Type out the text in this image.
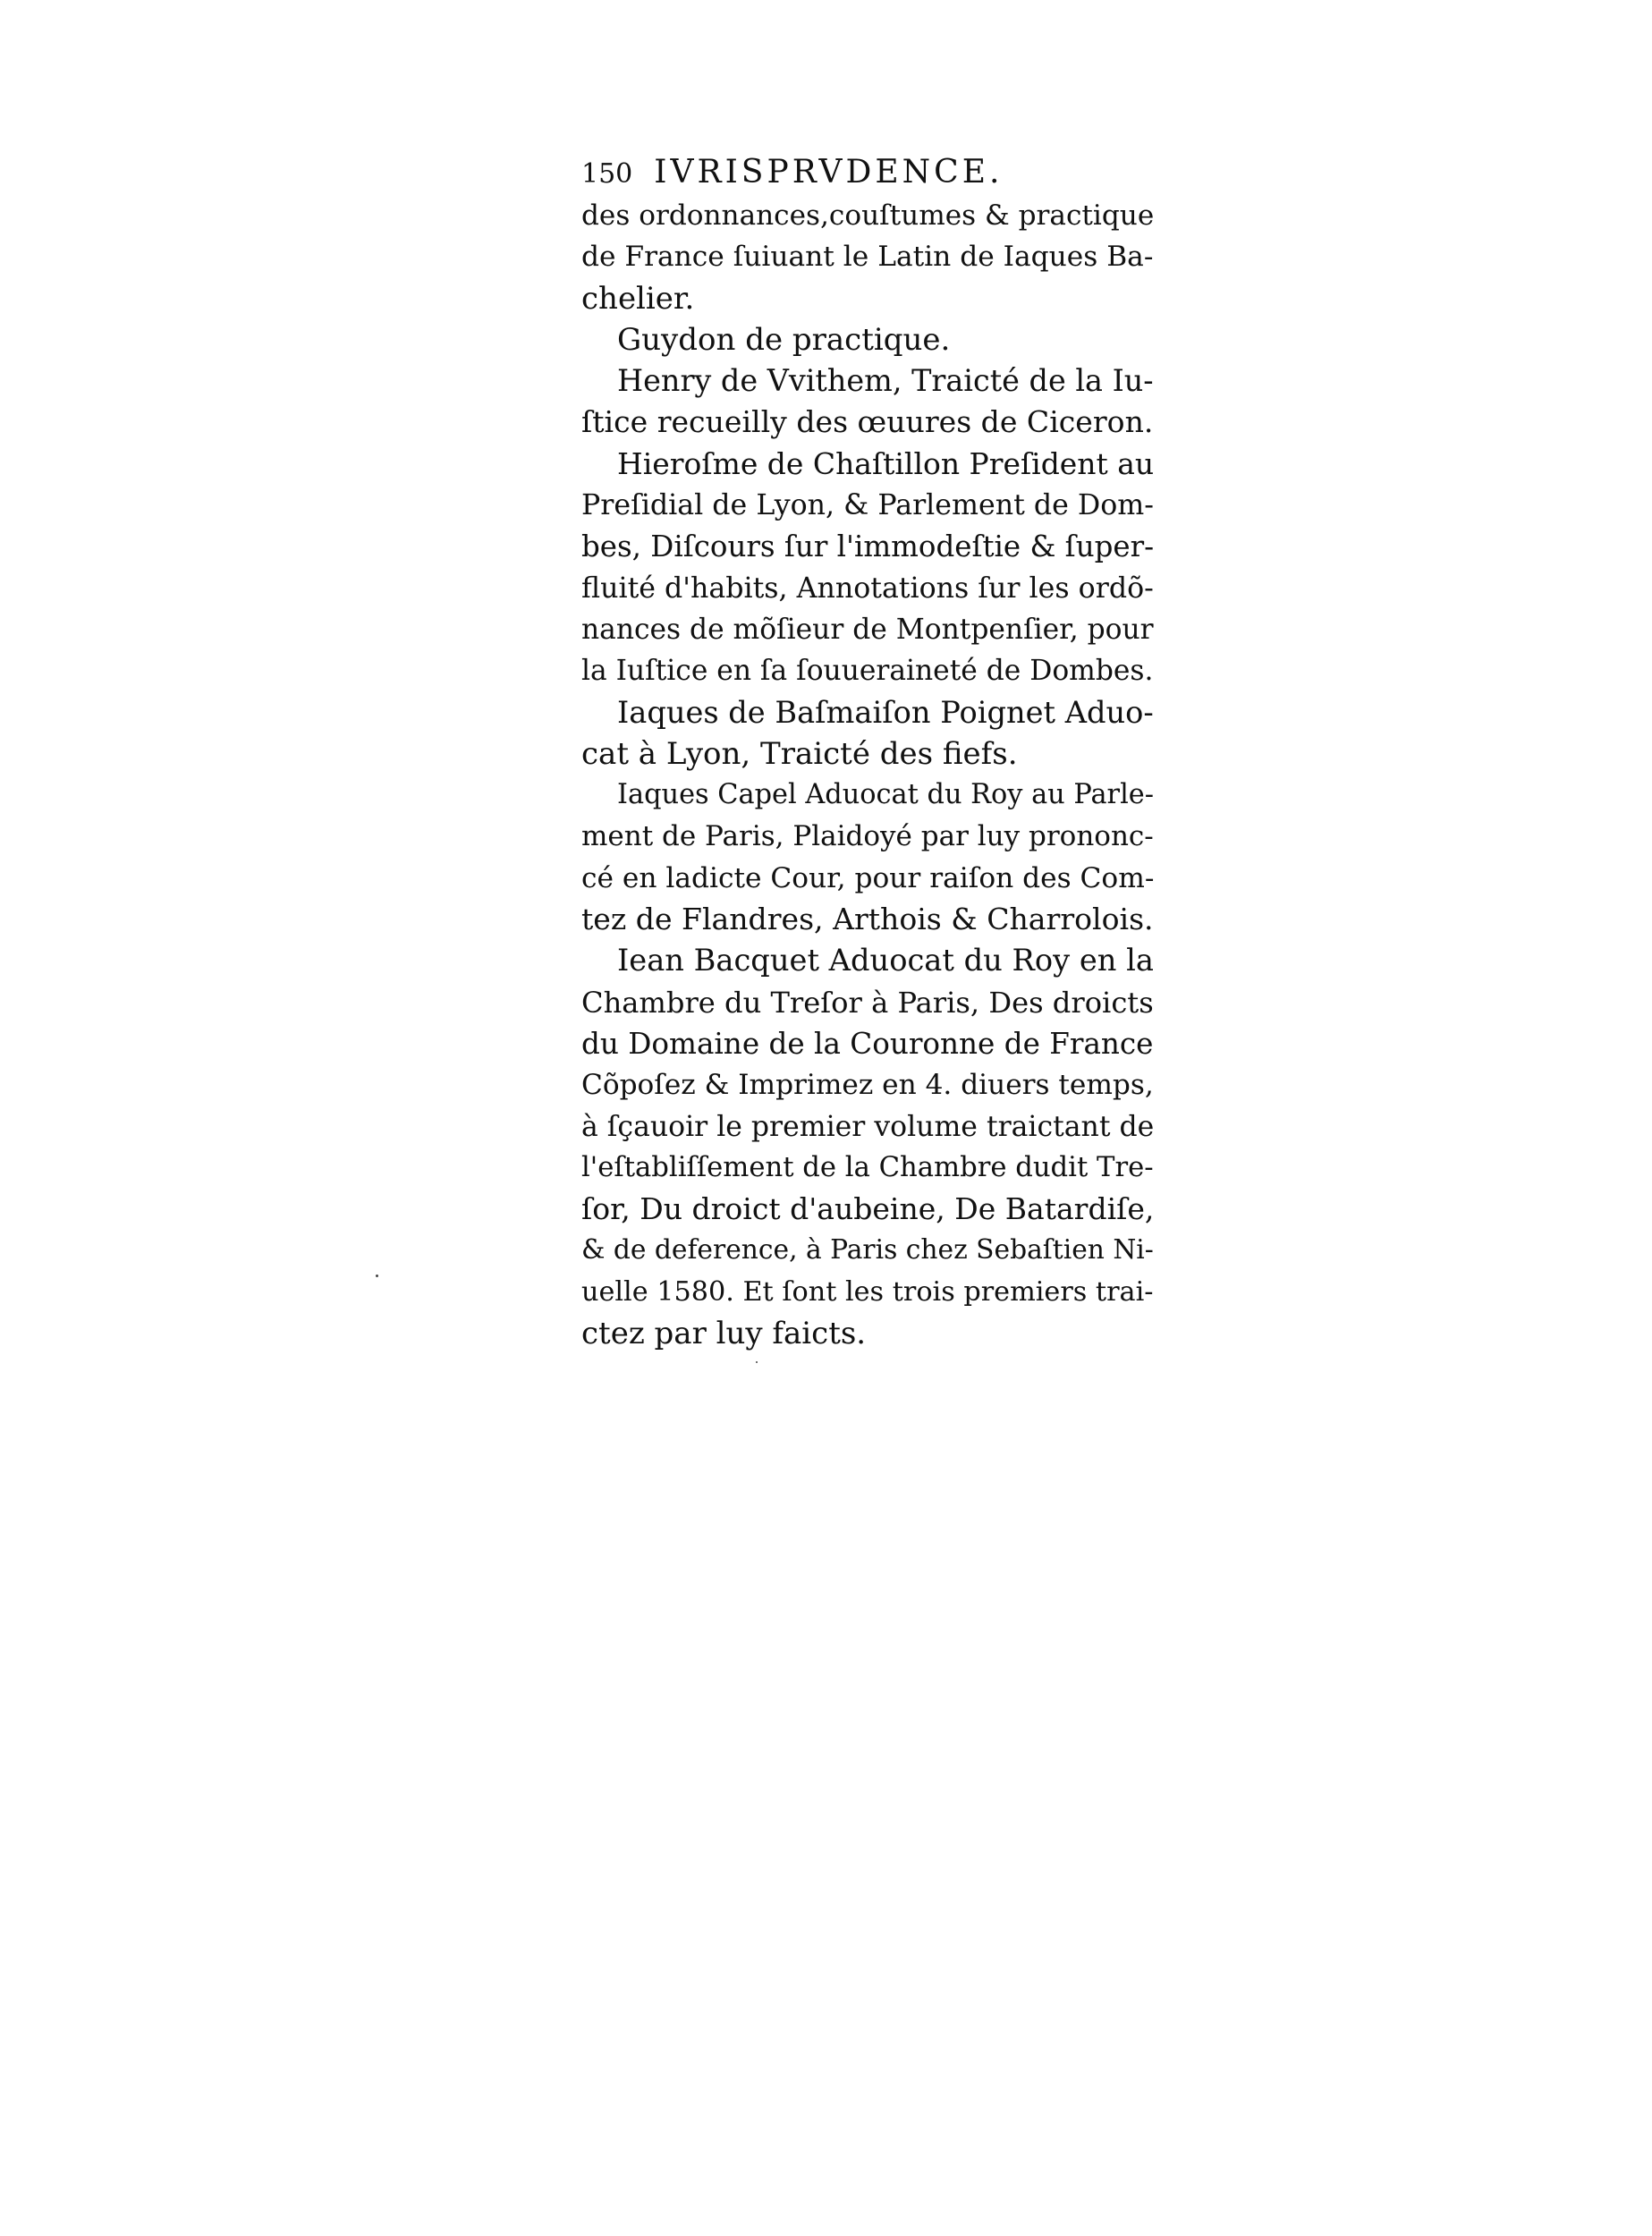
150 IVRISPRVDENCE.
des ordonnances,couſtumes & practique
de France ſuiuant le Latin de Iaques Ba-
chelier.
Guydon de practique.
Henry de Vvithem, Traicté de la Iu-
ſtice recueilly des œuures de Ciceron.
Hieroſme de Chaſtillon Preſident au
Preſidial de Lyon, & Parlement de Dom-
bes, Diſcours ſur l'immodeſtie & ſuper-
fluité d'habits, Annotations ſur les ordõ-
nances de mõſieur de Montpenſier, pour
la Iuſtice en ſa ſouueraineté de Dombes.
Iaques de Baſmaiſon Poignet Aduo-
cat à Lyon, Traicté des fiefs.
Iaques Capel Aduocat du Roy au Parle-
ment de Paris, Plaidoyé par luy prononc-
cé en ladicte Cour, pour raiſon des Com-
tez de Flandres, Arthois & Charrolois.
Iean Bacquet Aduocat du Roy en la
Chambre du Treſor à Paris, Des droicts
du Domaine de la Couronne de France
Cõpoſez & Imprimez en 4. diuers temps,
à ſçauoir le premier volume traictant de
l'eſtabliſſement de la Chambre dudit Tre-
ſor, Du droict d'aubeine, De Batardiſe,
& de deference, à Paris chez Sebaſtien Ni-
uelle 1580. Et ſont les trois premiers trai-
ctez par luy faicts.
